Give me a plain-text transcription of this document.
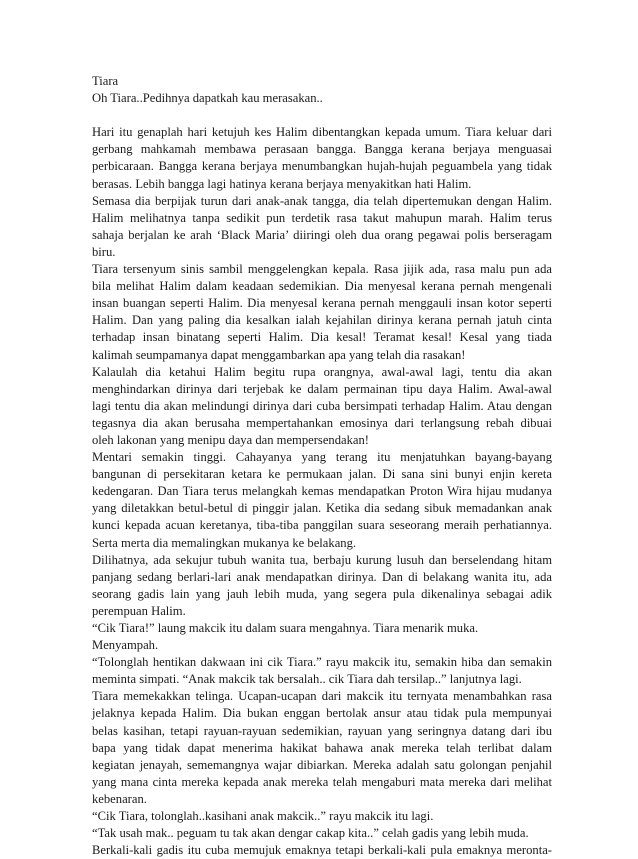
Tiara
Oh Tiara..Pedihnya dapatkah kau merasakan..
Hari itu genaplah hari ketujuh kes Halim dibentangkan kepada umum. Tiara keluar dari
gerbang mahkamah membawa perasaan bangga. Bangga kerana berjaya menguasai
perbicaraan. Bangga kerana berjaya menumbangkan hujah-hujah peguambela yang tidak
berasas. Lebih bangga lagi hatinya kerana berjaya menyakitkan hati Halim.
Semasa dia berpijak turun dari anak-anak tangga, dia telah dipertemukan dengan Halim.
Halim melihatnya tanpa sedikit pun terdetik rasa takut mahupun marah. Halim terus
sahaja berjalan ke arah ‘Black Maria’ diiringi oleh dua orang pegawai polis berseragam
biru.
Tiara tersenyum sinis sambil menggelengkan kepala. Rasa jijik ada, rasa malu pun ada
bila melihat Halim dalam keadaan sedemikian. Dia menyesal kerana pernah mengenali
insan buangan seperti Halim. Dia menyesal kerana pernah menggauli insan kotor seperti
Halim. Dan yang paling dia kesalkan ialah kejahilan dirinya kerana pernah jatuh cinta
terhadap insan binatang seperti Halim. Dia kesal! Teramat kesal! Kesal yang tiada
kalimah seumpamanya dapat menggambarkan apa yang telah dia rasakan!
Kalaulah dia ketahui Halim begitu rupa orangnya, awal-awal lagi, tentu dia akan
menghindarkan dirinya dari terjebak ke dalam permainan tipu daya Halim. Awal-awal
lagi tentu dia akan melindungi dirinya dari cuba bersimpati terhadap Halim. Atau dengan
tegasnya dia akan berusaha mempertahankan emosinya dari terlangsung rebah dibuai
oleh lakonan yang menipu daya dan mempersendakan!
Mentari semakin tinggi. Cahayanya yang terang itu menjatuhkan bayang-bayang
bangunan di persekitaran ketara ke permukaan jalan. Di sana sini bunyi enjin kereta
kedengaran. Dan Tiara terus melangkah kemas mendapatkan Proton Wira hijau mudanya
yang diletakkan betul-betul di pinggir jalan. Ketika dia sedang sibuk memadankan anak
kunci kepada acuan keretanya, tiba-tiba panggilan suara seseorang meraih perhatiannya.
Serta merta dia memalingkan mukanya ke belakang.
Dilihatnya, ada sekujur tubuh wanita tua, berbaju kurung lusuh dan berselendang hitam
panjang sedang berlari-lari anak mendapatkan dirinya. Dan di belakang wanita itu, ada
seorang gadis lain yang jauh lebih muda, yang segera pula dikenalinya sebagai adik
perempuan Halim.
“Cik Tiara!” laung makcik itu dalam suara mengahnya. Tiara menarik muka.
Menyampah.
“Tolonglah hentikan dakwaan ini cik Tiara.” rayu makcik itu, semakin hiba dan semakin
meminta simpati. “Anak makcik tak bersalah.. cik Tiara dah tersilap..” lanjutnya lagi.
Tiara memekakkan telinga. Ucapan-ucapan dari makcik itu ternyata menambahkan rasa
jelaknya kepada Halim. Dia bukan enggan bertolak ansur atau tidak pula mempunyai
belas kasihan, tetapi rayuan-rayuan sedemikian, rayuan yang seringnya datang dari ibu
bapa yang tidak dapat menerima hakikat bahawa anak mereka telah terlibat dalam
kegiatan jenayah, sememangnya wajar dibiarkan. Mereka adalah satu golongan penjahil
yang mana cinta mereka kepada anak mereka telah mengaburi mata mereka dari melihat
kebenaran.
“Cik Tiara, tolonglah..kasihani anak makcik..” rayu makcik itu lagi.
“Tak usah mak.. peguam tu tak akan dengar cakap kita..” celah gadis yang lebih muda.
Berkali-kali gadis itu cuba memujuk emaknya tetapi berkali-kali pula emaknya meronta-
